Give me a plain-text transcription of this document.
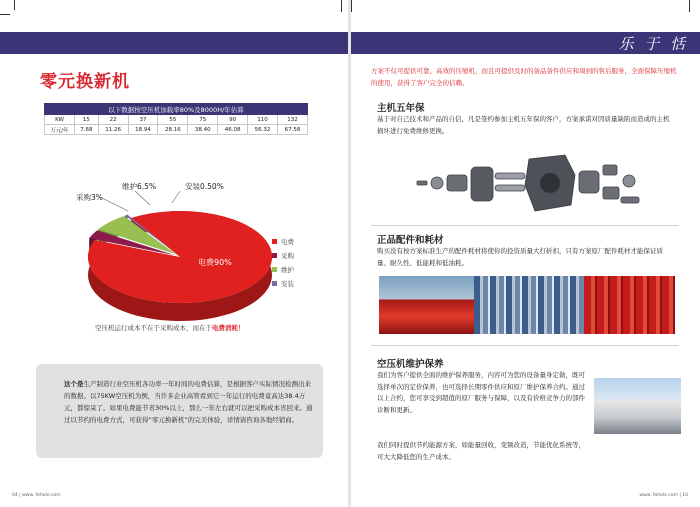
零元换新机
以下数据按空压机加载率80%及8000H/年估算								
KW	15	22	37	55	75	90	110	132
万元/年	7.68	11.26	18.94	28.16	38.40	46.08	56.32	67.58
电费90%
采购3%
维护6.5%	安装0.50%
电费
采购
维护
安装
空压机运行成本不在于采购成本，而在于电费消耗！

这个是生产制造行业空压机各功率一年时间的电费估算，是根据客户实际情况检测出来的数据。以75KW空压机为例，当许多企业高管看到它一年运行的电费竟高达38.4万元，都惊呆了。如果电费能节省30%以上，那么一年左右就可以把采购成本省回来。通过以节约的电费方式，可获得“零元换新机”的完美体验，详情请咨询各地经销商。

04 | www. fehole.com
乐 于 恬
方案不仅可提供可靠、高效的压缩机，而且可提供及时的备品备件供应和周到的售后服务，全面保障压缩机的使用，获得了客户完全的信赖。
主机五年保
基于对自己技术和产品的自信，凡是签约参加主机五年保的客户，方案承诺对因质量缺陷而造成的主机损坏进行免费维修更换。
正品配件和耗材
购买没有按方案标准生产的配件耗材将使你的投资质量大打折扣，只有方案原厂配件耗材才能保证质量、耐久性、低能耗和低油耗。
空压机维护保养
我们为客户提供全面的维护保养服务，内容可为您的设备量身定做，既可选择单次的定价保养，也可选择长期零件供应和原厂维护保养合约。通过以上合约，您可享受到超值的原厂服务与保障，以及有价格竞争力的部件诊断和更新。
我们同时提供节约能源方案，如能量回收，变频改造，节能优化系统等，可大大降低您的生产成本。
www. fehole.com | 10
